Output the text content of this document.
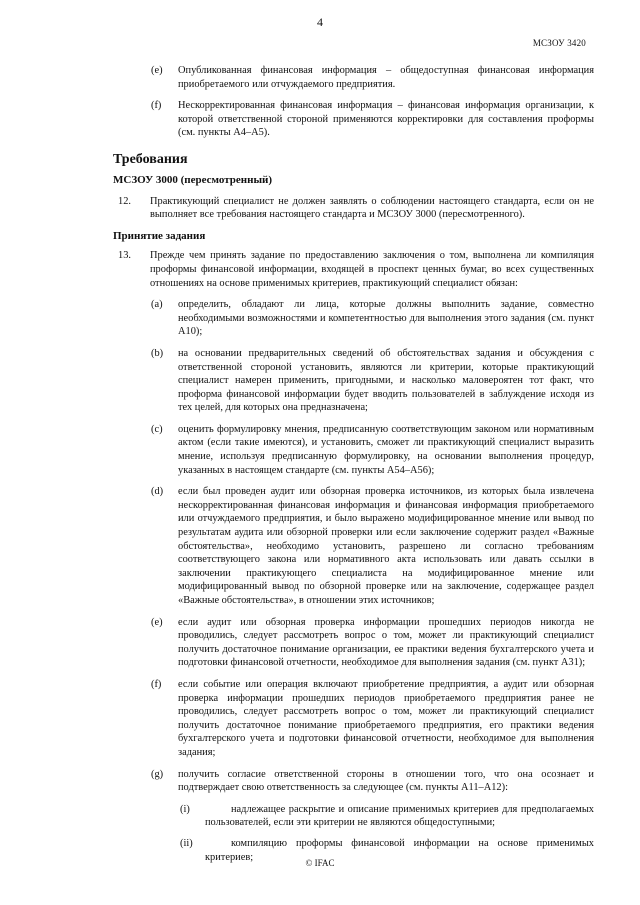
4
МСЗОУ 3420
(e) Опубликованная финансовая информация – общедоступная финансовая информация приобретаемого или отчуждаемого предприятия.
(f) Нескорректированная финансовая информация – финансовая информация организации, к которой ответственной стороной применяются корректировки для составления проформы (см. пункты A4–A5).
Требования
МСЗОУ 3000 (пересмотренный)
12. Практикующий специалист не должен заявлять о соблюдении настоящего стандарта, если он не выполняет все требования настоящего стандарта и МСЗОУ 3000 (пересмотренного).
Принятие задания
13. Прежде чем принять задание по предоставлению заключения о том, выполнена ли компиляция проформы финансовой информации, входящей в проспект ценных бумаг, во всех существенных отношениях на основе применимых критериев, практикующий специалист обязан:
(a) определить, обладают ли лица, которые должны выполнить задание, совместно необходимыми возможностями и компетентностью для выполнения этого задания (см. пункт A10);
(b) на основании предварительных сведений об обстоятельствах задания и обсуждения с ответственной стороной установить, являются ли критерии, которые практикующий специалист намерен применить, пригодными, и насколько маловероятен тот факт, что проформа финансовой информации будет вводить пользователей в заблуждение исходя из тех целей, для которых она предназначена;
(c) оценить формулировку мнения, предписанную соответствующим законом или нормативным актом (если такие имеются), и установить, сможет ли практикующий специалист выразить мнение, используя предписанную формулировку, на основании выполнения процедур, указанных в настоящем стандарте (см. пункты A54–A56);
(d) если был проведен аудит или обзорная проверка источников, из которых была извлечена нескорректированная финансовая информация и финансовая информация приобретаемого или отчуждаемого предприятия, и было выражено модифицированное мнение или вывод по результатам аудита или обзорной проверки или если заключение содержит раздел «Важные обстоятельства», необходимо установить, разрешено ли согласно требованиям соответствующего закона или нормативного акта использовать или давать ссылки в заключении практикующего специалиста на модифицированное мнение или модифицированный вывод по обзорной проверке или на заключение, содержащее раздел «Важные обстоятельства», в отношении этих источников;
(e) если аудит или обзорная проверка информации прошедших периодов никогда не проводились, следует рассмотреть вопрос о том, может ли практикующий специалист получить достаточное понимание организации, ее практики ведения бухгалтерского учета и подготовки финансовой отчетности, необходимое для выполнения задания (см. пункт A31);
(f) если событие или операция включают приобретение предприятия, а аудит или обзорная проверка информации прошедших периодов приобретаемого предприятия ранее не проводились, следует рассмотреть вопрос о том, может ли практикующий специалист получить достаточное понимание приобретаемого предприятия, его практики ведения бухгалтерского учета и подготовки финансовой отчетности, необходимое для выполнения задания;
(g) получить согласие ответственной стороны в отношении того, что она осознает и подтверждает свою ответственность за следующее (см. пункты A11–A12):
(i)	надлежащее раскрытие и описание применимых критериев для предполагаемых пользователей, если эти критерии не являются общедоступными;
(ii)	компиляцию проформы финансовой информации на основе применимых критериев;
© IFAC
